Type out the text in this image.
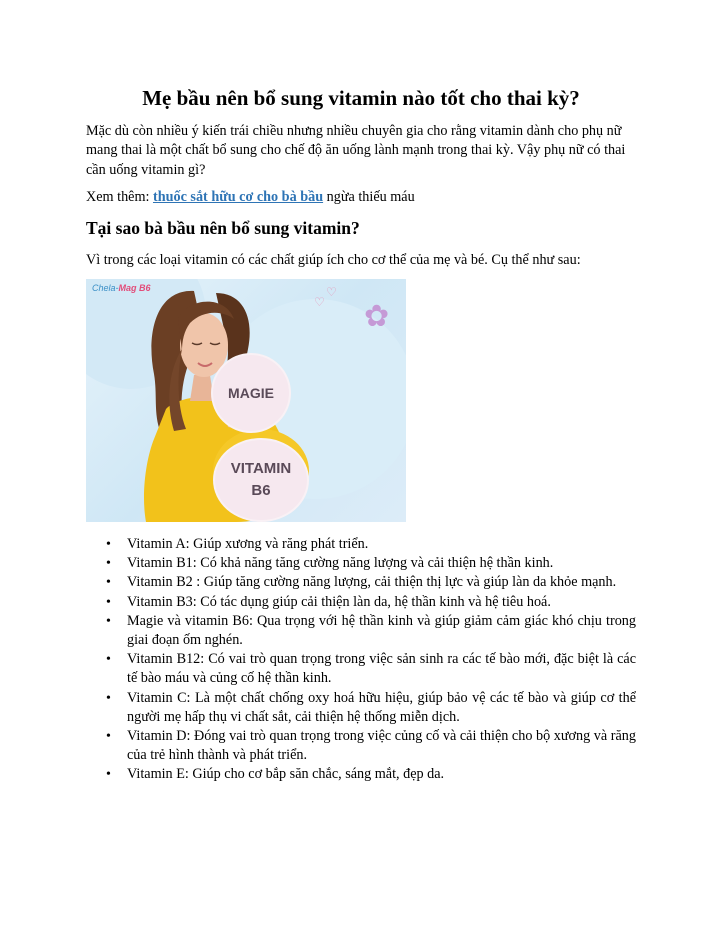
Mẹ bầu nên bổ sung vitamin nào tốt cho thai kỳ?

Mặc dù còn nhiều ý kiến trái chiều nhưng nhiều chuyên gia cho rằng vitamin dành cho phụ nữ mang thai là một chất bổ sung cho chế độ ăn uống lành mạnh trong thai kỳ. Vậy phụ nữ có thai cần uống vitamin gì?

Xem thêm: thuốc sắt hữu cơ cho bà bầu ngừa thiếu máu

Tại sao bà bầu nên bổ sung vitamin?

Vì trong các loại vitamin có các chất giúp ích cho cơ thể của mẹ và bé. Cụ thể như sau:

Chela-Mag B6
✿
♡
♡
• Vitamin A: Giúp xương và răng phát triển.
• Vitamin B1: Có khả năng tăng cường năng lượng và cải thiện hệ thần kinh.
• Vitamin B2 : Giúp tăng cường năng lượng, cải thiện thị lực và giúp làn da khỏe mạnh.
• Vitamin B3: Có tác dụng giúp cải thiện làn da, hệ thần kinh và hệ tiêu hoá.
• Magie và vitamin B6: Qua trọng với hệ thần kinh và giúp giảm cảm giác khó chịu trong giai đoạn ốm nghén.
• Vitamin B12: Có vai trò quan trọng trong việc sản sinh ra các tế bào mới, đặc biệt là các tế bào máu và củng cố hệ thần kinh.
• Vitamin C: Là một chất chống oxy hoá hữu hiệu, giúp bảo vệ các tế bào và giúp cơ thể người mẹ hấp thụ vi chất sắt, cải thiện hệ thống miễn dịch.
• Vitamin D: Đóng vai trò quan trọng trong việc củng cố và cải thiện cho bộ xương và răng của trẻ hình thành và phát triển.
• Vitamin E: Giúp cho cơ bắp săn chắc, sáng mắt, đẹp da.
MAGIE
VITAMIN
B6
